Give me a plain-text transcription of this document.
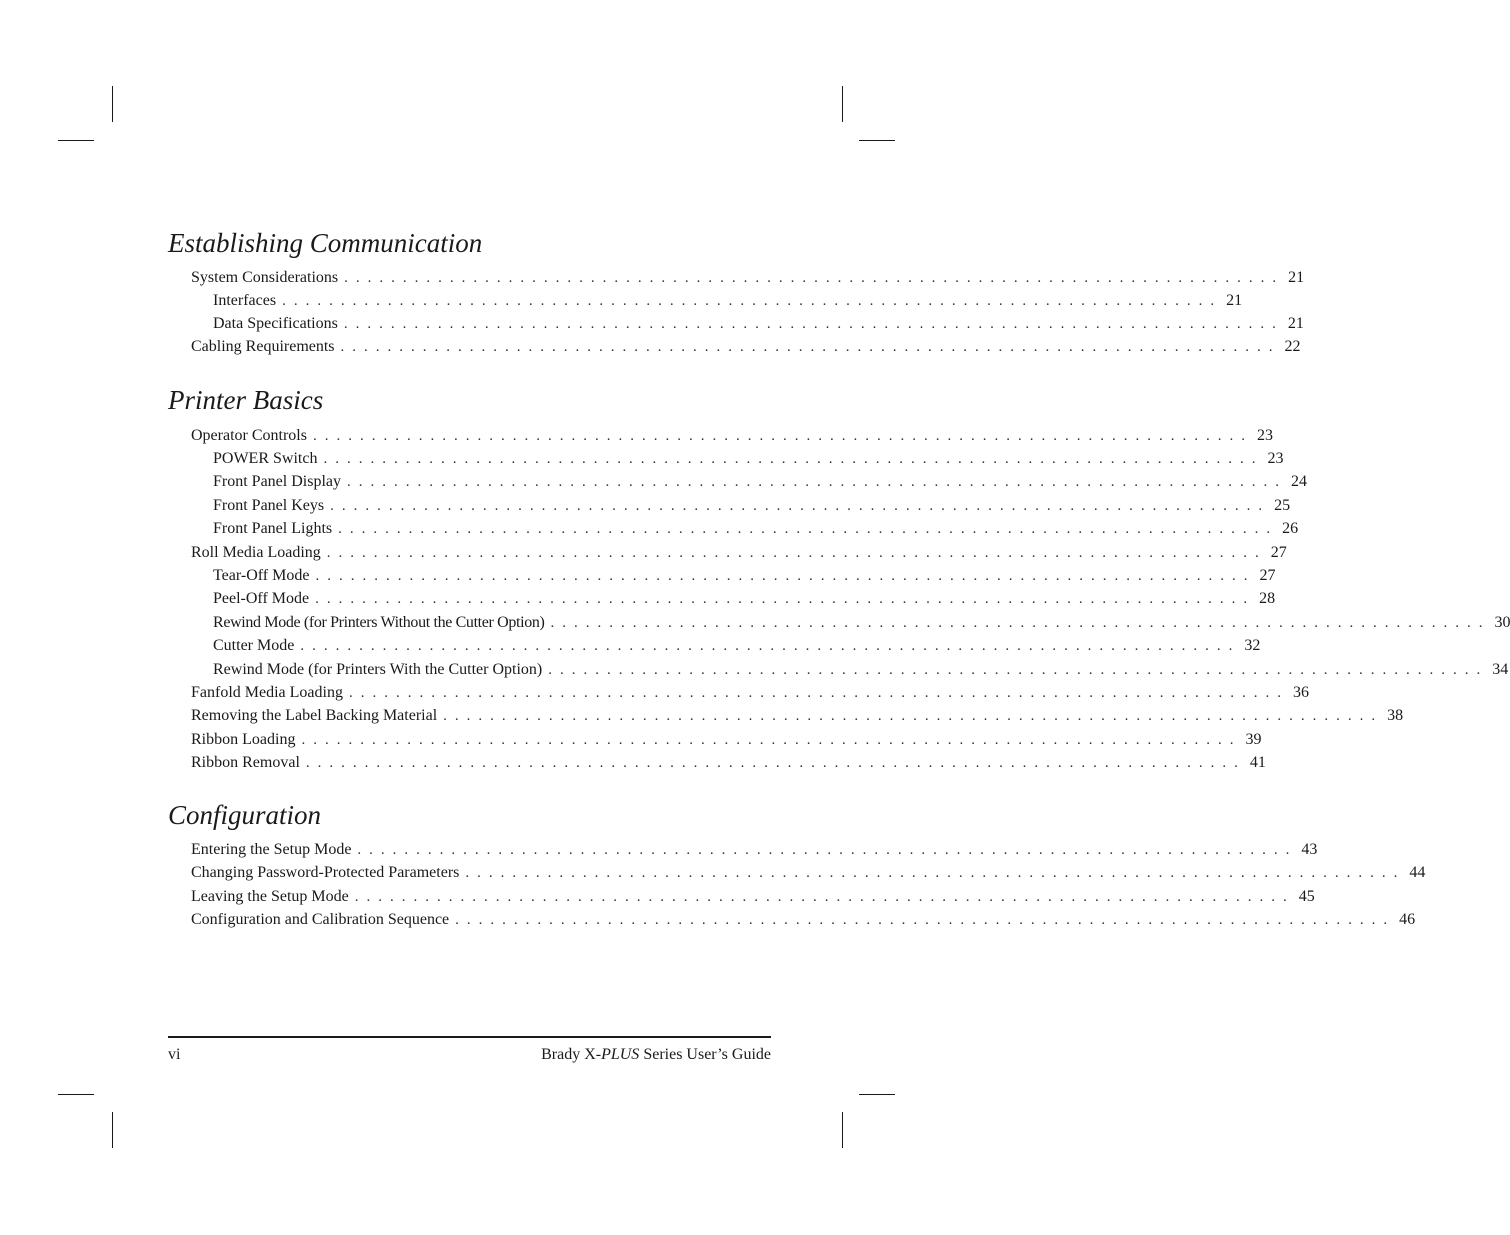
Establishing Communication
System Considerations ................................................................................ 21
Interfaces ................................................................................ 21
Data Specifications ................................................................................ 21
Cabling Requirements ................................................................................ 22
Printer Basics
Operator Controls ................................................................................ 23
POWER Switch ................................................................................ 23
Front Panel Display ................................................................................ 24
Front Panel Keys ................................................................................ 25
Front Panel Lights ................................................................................ 26
Roll Media Loading ................................................................................ 27
Tear-Off Mode ................................................................................ 27
Peel-Off Mode ................................................................................ 28
Rewind Mode (for Printers Without the Cutter Option) ................................................................................ 30
Cutter Mode ................................................................................ 32
Rewind Mode (for Printers With the Cutter Option) ................................................................................ 34
Fanfold Media Loading ................................................................................ 36
Removing the Label Backing Material ................................................................................ 38
Ribbon Loading ................................................................................ 39
Ribbon Removal ................................................................................ 41
Configuration
Entering the Setup Mode ................................................................................ 43
Changing Password-Protected Parameters ................................................................................ 44
Leaving the Setup Mode ................................................................................ 45
Configuration and Calibration Sequence ................................................................................ 46
vi	Brady X-PLUS Series User’s Guide
